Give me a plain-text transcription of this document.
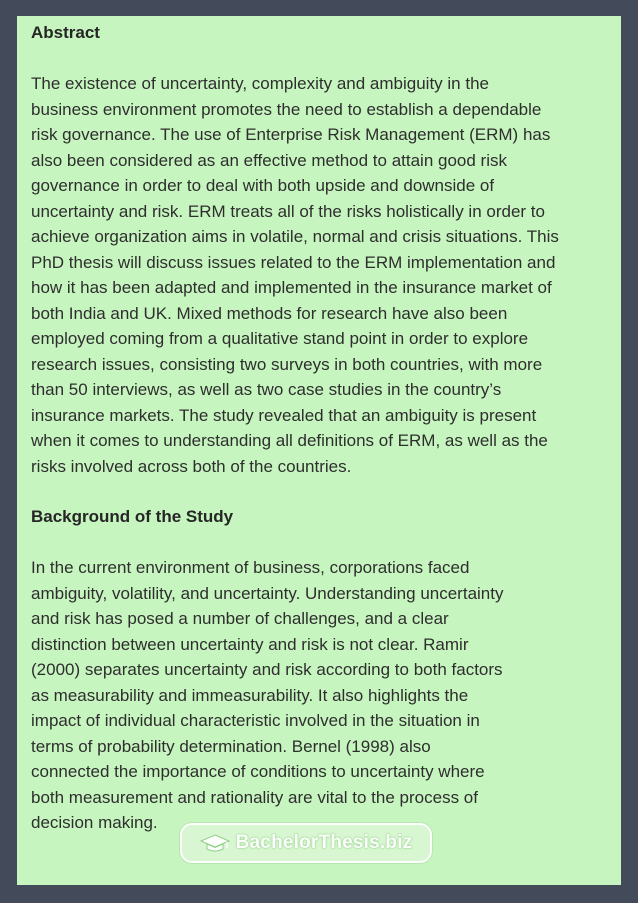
Abstract

The existence of uncertainty, complexity and ambiguity in the
business environment promotes the need to establish a dependable
risk governance. The use of Enterprise Risk Management (ERM) has
also been considered as an effective method to attain good risk
governance in order to deal with both upside and downside of
uncertainty and risk. ERM treats all of the risks holistically in order to
achieve organization aims in volatile, normal and crisis situations. This
PhD thesis will discuss issues related to the ERM implementation and
how it has been adapted and implemented in the insurance market of
both India and UK. Mixed methods for research have also been
employed coming from a qualitative stand point in order to explore
research issues, consisting two surveys in both countries, with more
than 50 interviews, as well as two case studies in the country’s
insurance markets. The study revealed that an ambiguity is present
when it comes to understanding all definitions of ERM, as well as the
risks involved across both of the countries.

Background of the Study

In the current environment of business, corporations faced
ambiguity, volatility, and uncertainty. Understanding uncertainty
and risk has posed a number of challenges, and a clear
distinction between uncertainty and risk is not clear. Ramir
(2000) separates uncertainty and risk according to both factors
as measurability and immeasurability. It also highlights the
impact of individual characteristic involved in the situation in
terms of probability determination. Bernel (1998) also
connected the importance of conditions to uncertainty where
both measurement and rationality are vital to the process of
decision making.

BachelorThesis.biz
